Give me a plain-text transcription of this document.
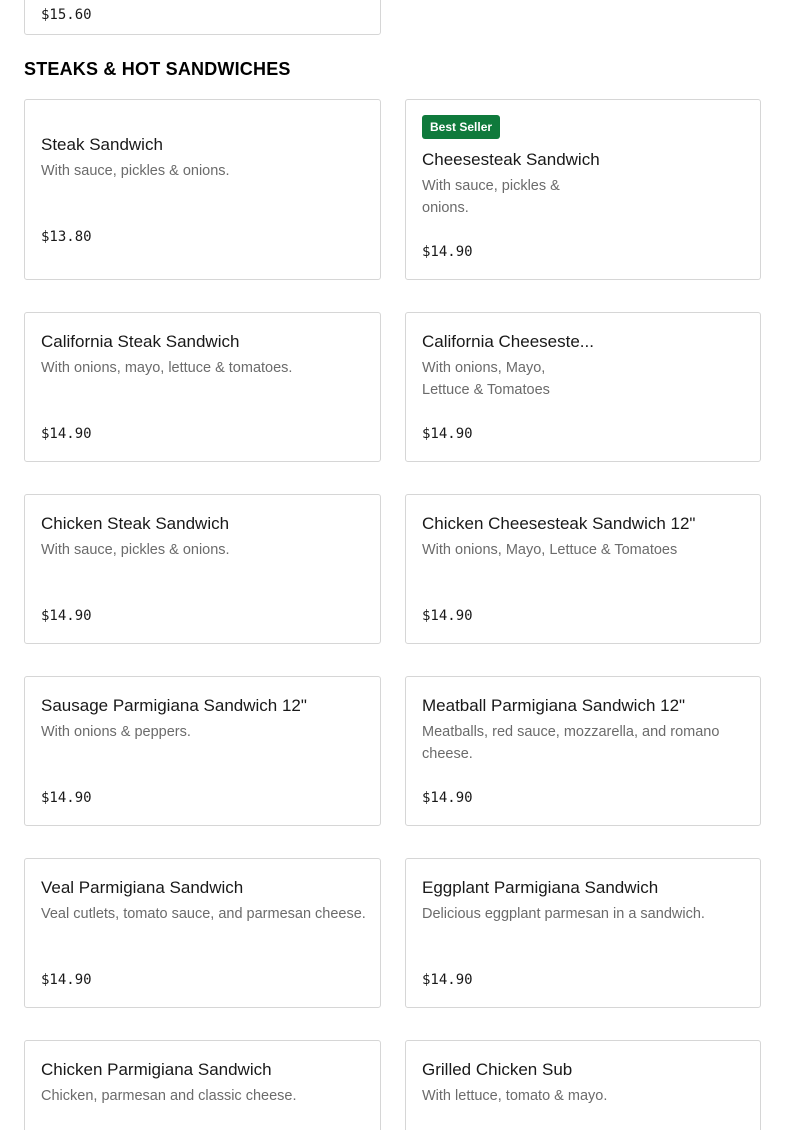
$15.60
STEAKS & HOT SANDWICHES
Steak Sandwich
With sauce, pickles & onions.
$13.80
Best Seller
Cheesesteak Sandwich
With sauce, pickles & onions.
$14.90
California Steak Sandwich
With onions, mayo, lettuce & tomatoes.
$14.90
California Cheeseste...
With onions, Mayo, Lettuce & Tomatoes
$14.90
Chicken Steak Sandwich
With sauce, pickles & onions.
$14.90
Chicken Cheesesteak Sandwich 12"
With onions, Mayo, Lettuce & Tomatoes
$14.90
Sausage Parmigiana Sandwich 12"
With onions & peppers.
$14.90
Meatball Parmigiana Sandwich 12"
Meatballs, red sauce, mozzarella, and romano cheese.
$14.90
Veal Parmigiana Sandwich
Veal cutlets, tomato sauce, and parmesan cheese.
$14.90
Eggplant Parmigiana Sandwich
Delicious eggplant parmesan in a sandwich.
$14.90
Chicken Parmigiana Sandwich
Chicken, parmesan and classic cheese.
Grilled Chicken Sub
With lettuce, tomato & mayo.
